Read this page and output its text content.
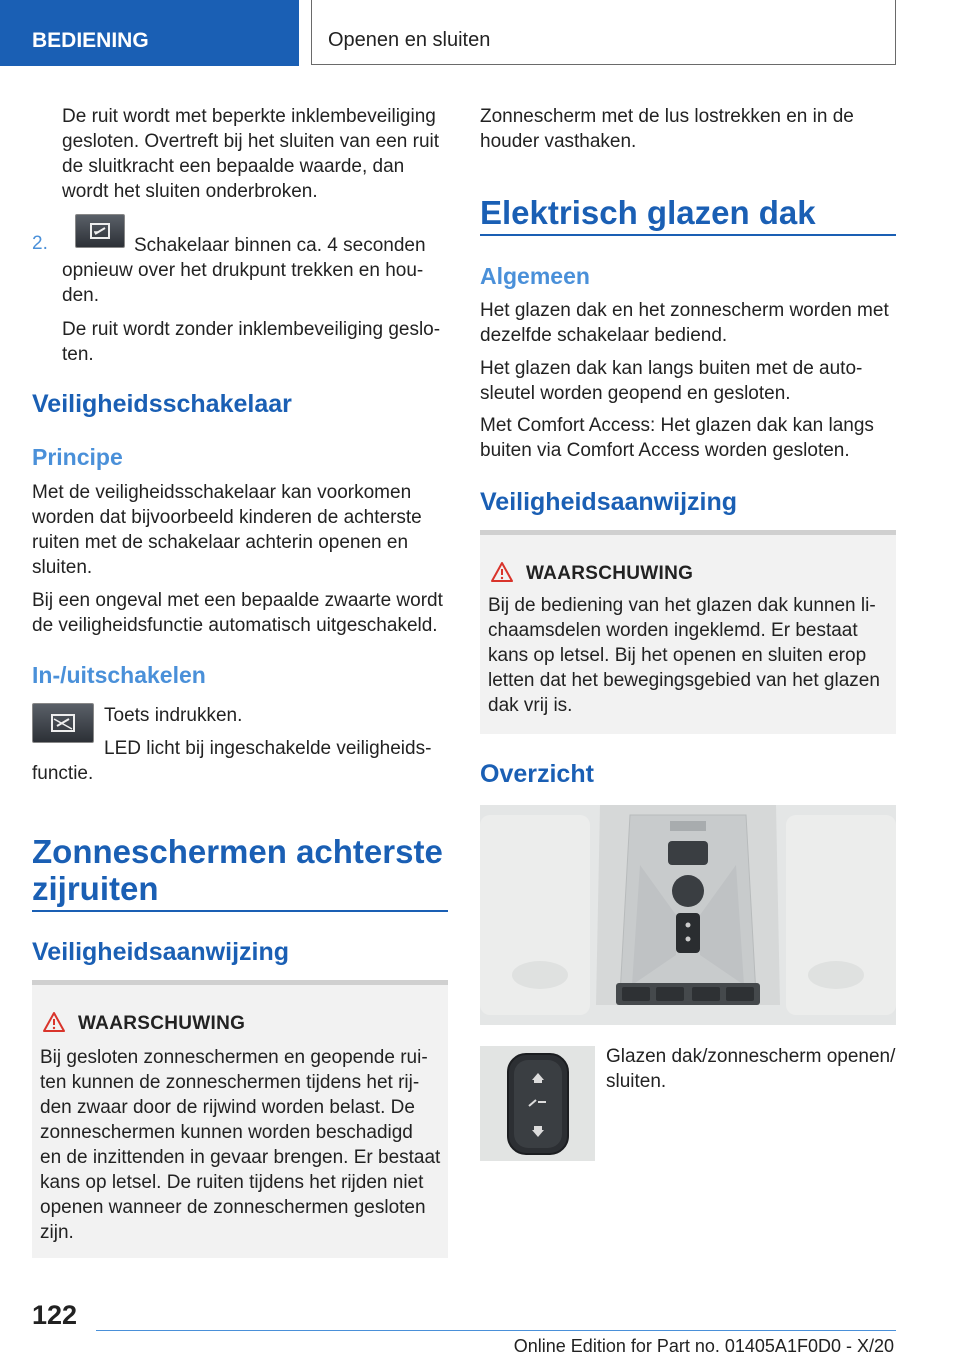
BEDIENING	Openen en sluiten
De ruit wordt met beperkte inklembeveiliging
gesloten. Overtreft bij het sluiten van een ruit
de sluitkracht een bepaalde waarde, dan
wordt het sluiten onderbroken.
2.	Schakelaar binnen ca. 4 seconden
opnieuw over het drukpunt trekken en hou-
den.
De ruit wordt zonder inklembeveiliging geslo-
ten.
Veiligheidsschakelaar
Principe
Met de veiligheidsschakelaar kan voorkomen
worden dat bijvoorbeeld kinderen de achterste
ruiten met de schakelaar achterin openen en
sluiten.
Bij een ongeval met een bepaalde zwaarte wordt
de veiligheidsfunctie automatisch uitgeschakeld.
In-/uitschakelen
Toets indrukken.
LED licht bij ingeschakelde veiligheids-
functie.
Zonneschermen achterste
zijruiten
Veiligheidsaanwijzing
WAARSCHUWING
Bij gesloten zonneschermen en geopende rui-
ten kunnen de zonneschermen tijdens het rij-
den zwaar door de rijwind worden belast. De
zonneschermen kunnen worden beschadigd
en de inzittenden in gevaar brengen. Er bestaat
kans op letsel. De ruiten tijdens het rijden niet
openen wanneer de zonneschermen gesloten
zijn.
Zonnescherm met de lus lostrekken en in de
houder vasthaken.
Elektrisch glazen dak
Algemeen
Het glazen dak en het zonnescherm worden met
dezelfde schakelaar bediend.
Het glazen dak kan langs buiten met de auto-
sleutel worden geopend en gesloten.
Met Comfort Access: Het glazen dak kan langs
buiten via Comfort Access worden gesloten.
Veiligheidsaanwijzing
WAARSCHUWING
Bij de bediening van het glazen dak kunnen li-
chaamsdelen worden ingeklemd. Er bestaat
kans op letsel. Bij het openen en sluiten erop
letten dat het bewegingsgebied van het glazen
dak vrij is.
Overzicht
Glazen dak/zonnescherm openen/
sluiten.
122
Online Edition for Part no. 01405A1F0D0 - X/20
